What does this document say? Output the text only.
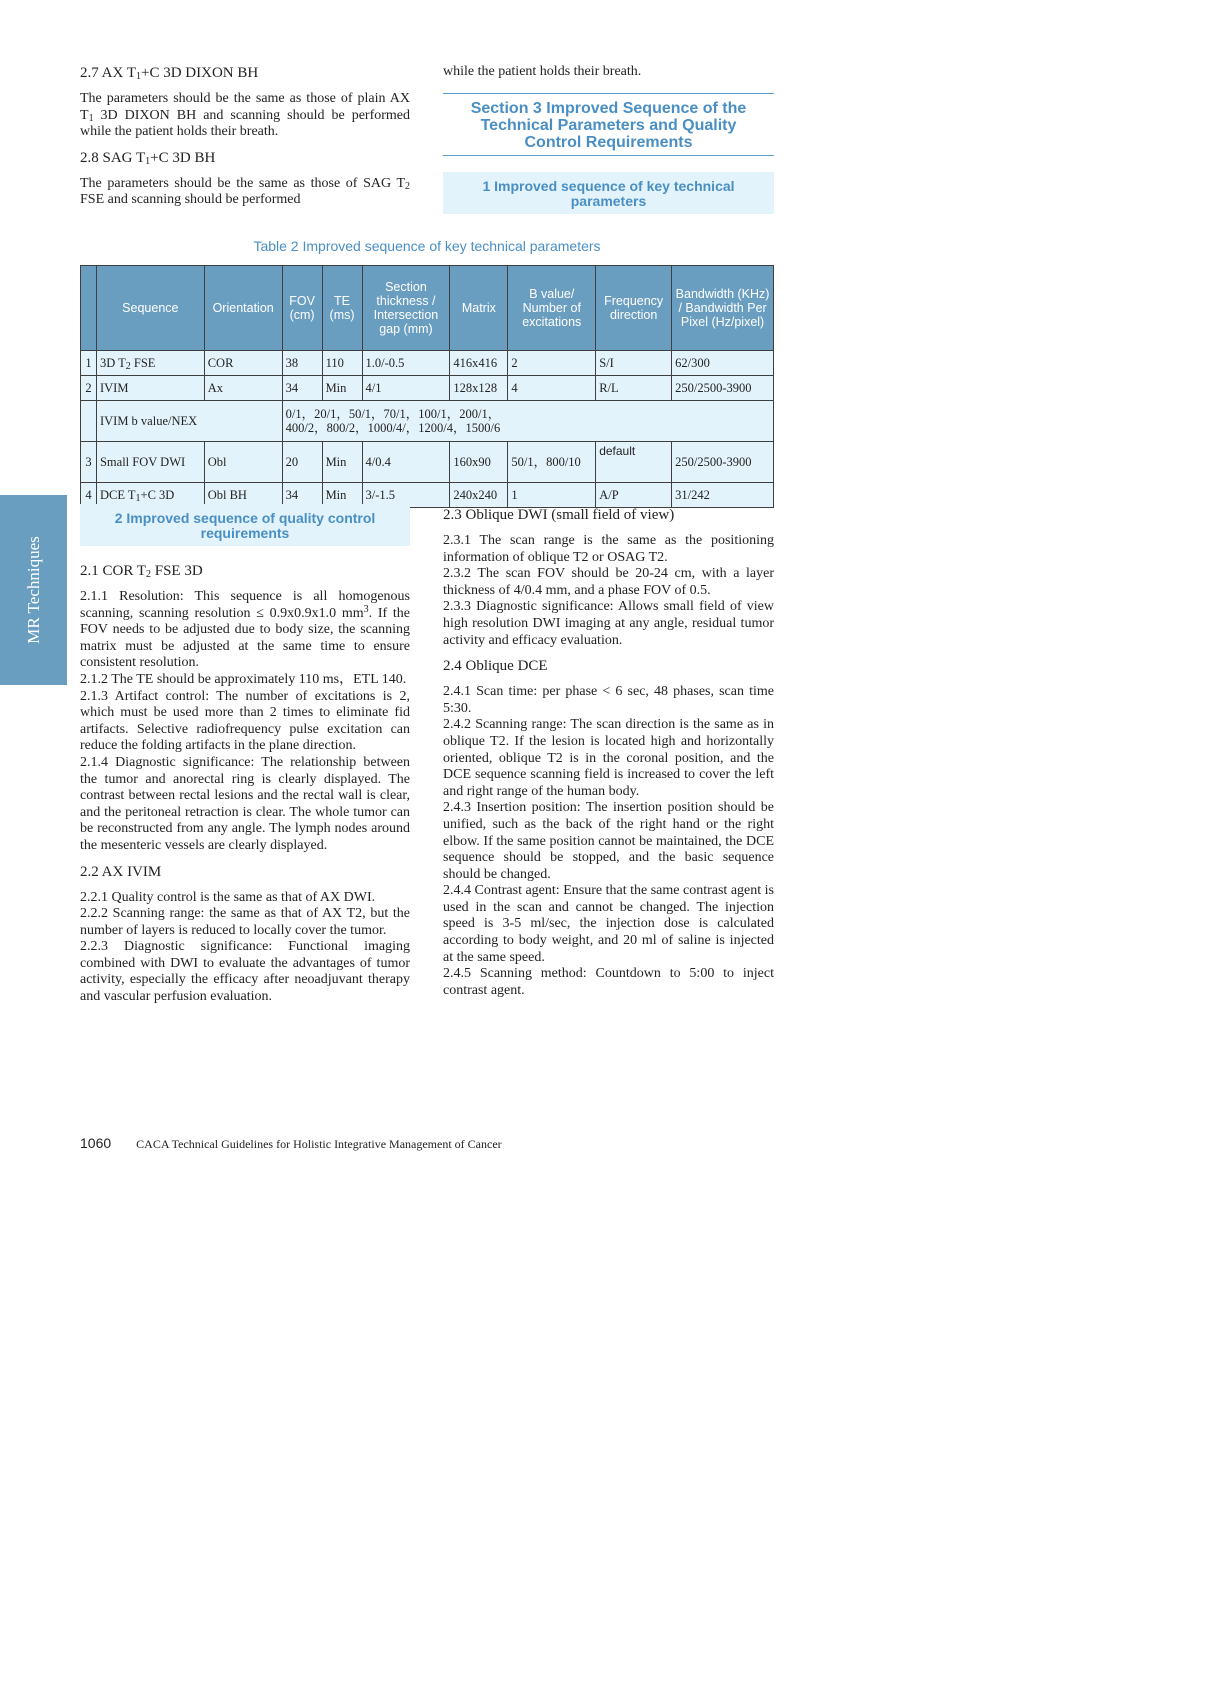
2.7 AX $T_1+C$ 3D DIXON BH

The parameters should be the same as those of plain AX $T_1$ 3D DIXON BH and scanning should be performed while the patient holds their breath.

2.8 SAG $T_1+C$ 3D BH

The parameters should be the same as those of SAG $T_2$ FSE and scanning should be performed

while the patient holds their breath.

Section 3 Improved Sequence of the Technical Parameters and Quality Control Requirements
1 Improved sequence of key technical parameters
Table 2 Improved sequence of key technical parameters
	Sequence	Orientation	FOV (cm)	TE (ms)	Section thickness / Intersection gap (mm)	Matrix	B value/ Number of excitations	Frequency direction	Bandwidth (KHz) / Bandwidth Per Pixel (Hz/pixel)
1	3D $T_2$ FSE	COR	38	110	1.0/-0.5	416x416	2	S/I	62/300
2	IVIM	Ax	34	Min	4/1	128x128	4	R/L	250/2500-3900
	IVIM b value/NEX		0/1，20/1，50/1，70/1，100/1，200/1，
400/2，800/2，1000/4/，1200/4，1500/6						

3	Small FOV DWI	Obl	20	Min	4/0.4	160x90	50/1，800/10	default	250/2500-3900
4	DCE $T_1+C$ 3D	Obl BH	34	Min	3/-1.5	240x240	1	A/P	31/242
MR Techniques
2 Improved sequence of quality control requirements
2.1 COR $T_2$ FSE 3D

2.1.1 Resolution: This sequence is all homogenous scanning, scanning resolution ≤ 0.9x0.9x1.0 $mm^3$. If the FOV needs to be adjusted due to body size, the scanning matrix must be adjusted at the same time to ensure consistent resolution.

2.1.2 The TE should be approximately 110 ms，ETL 140.

2.1.3 Artifact control: The number of excitations is 2, which must be used more than 2 times to eliminate fid artifacts. Selective radiofrequency pulse excitation can reduce the folding artifacts in the plane direction.

2.1.4 Diagnostic significance: The relationship between the tumor and anorectal ring is clearly displayed. The contrast between rectal lesions and the rectal wall is clear, and the peritoneal retraction is clear. The whole tumor can be reconstructed from any angle. The lymph nodes around the mesenteric vessels are clearly displayed.

2.2 AX IVIM

2.2.1 Quality control is the same as that of AX DWI.

2.2.2 Scanning range: the same as that of AX T2, but the number of layers is reduced to locally cover the tumor.

2.2.3 Diagnostic significance: Functional imaging combined with DWI to evaluate the advantages of tumor activity, especially the efficacy after neoadjuvant therapy and vascular perfusion evaluation.

2.3 Oblique DWI (small field of view)

2.3.1 The scan range is the same as the positioning information of oblique T2 or OSAG T2.

2.3.2 The scan FOV should be 20-24 cm, with a layer thickness of 4/0.4 mm, and a phase FOV of 0.5.

2.3.3 Diagnostic significance: Allows small field of view high resolution DWI imaging at any angle, residual tumor activity and efficacy evaluation.

2.4 Oblique DCE

2.4.1 Scan time: per phase < 6 sec, 48 phases, scan time 5:30.

2.4.2 Scanning range: The scan direction is the same as in oblique T2. If the lesion is located high and horizontally oriented, oblique T2 is in the coronal position, and the DCE sequence scanning field is increased to cover the left and right range of the human body.

2.4.3 Insertion position: The insertion position should be unified, such as the back of the right hand or the right elbow. If the same position cannot be maintained, the DCE sequence should be stopped, and the basic sequence should be changed.

2.4.4 Contrast agent: Ensure that the same contrast agent is used in the scan and cannot be changed. The injection speed is 3-5 ml/sec, the injection dose is calculated according to body weight, and 20 ml of saline is injected at the same speed.

2.4.5 Scanning method: Countdown to 5:00 to inject contrast agent.

1060 CACA Technical Guidelines for Holistic Integrative Management of Cancer
